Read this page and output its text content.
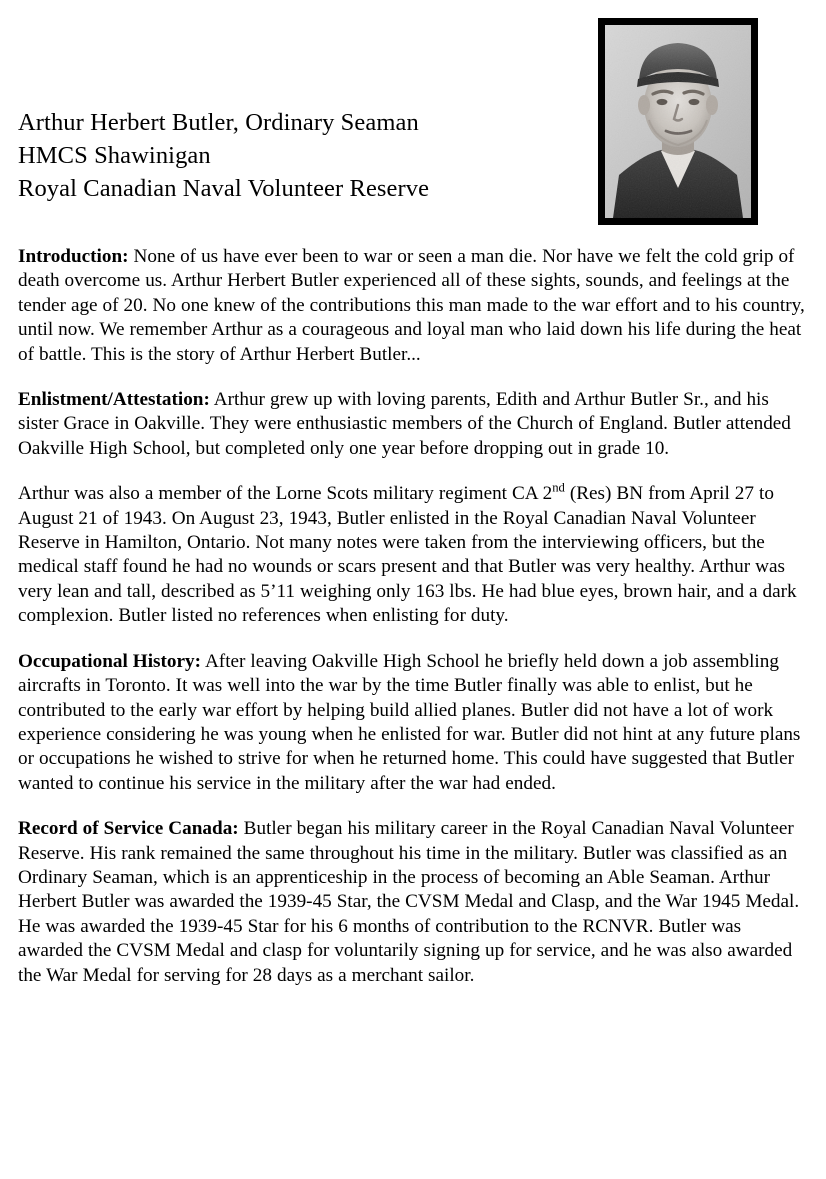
Arthur Herbert Butler, Ordinary Seaman
HMCS Shawinigan
Royal Canadian Naval Volunteer Reserve

Introduction: None of us have ever been to war or seen a man die. Nor have we felt the cold grip of death overcome us. Arthur Herbert Butler experienced all of these sights, sounds, and feelings at the tender age of 20. No one knew of the contributions this man made to the war effort and to his country, until now. We remember Arthur as a courageous and loyal man who laid down his life during the heat of battle. This is the story of Arthur Herbert Butler...

Enlistment/Attestation: Arthur grew up with loving parents, Edith and Arthur Butler Sr., and his sister Grace in Oakville. They were enthusiastic members of the Church of England. Butler attended Oakville High School, but completed only one year before dropping out in grade 10.

Arthur was also a member of the Lorne Scots military regiment CA 2nd (Res) BN from April 27 to August 21 of 1943. On August 23, 1943, Butler enlisted in the Royal Canadian Naval Volunteer Reserve in Hamilton, Ontario. Not many notes were taken from the interviewing officers, but the medical staff found he had no wounds or scars present and that Butler was very healthy. Arthur was very lean and tall, described as 5’11 weighing only 163 lbs. He had blue eyes, brown hair, and a dark complexion. Butler listed no references when enlisting for duty.

Occupational History: After leaving Oakville High School he briefly held down a job assembling aircrafts in Toronto. It was well into the war by the time Butler finally was able to enlist, but he contributed to the early war effort by helping build allied planes. Butler did not have a lot of work experience considering he was young when he enlisted for war. Butler did not hint at any future plans or occupations he wished to strive for when he returned home. This could have suggested that Butler wanted to continue his service in the military after the war had ended.

Record of Service Canada: Butler began his military career in the Royal Canadian Naval Volunteer Reserve. His rank remained the same throughout his time in the military. Butler was classified as an Ordinary Seaman, which is an apprenticeship in the process of becoming an Able Seaman. Arthur Herbert Butler was awarded the 1939-45 Star, the CVSM Medal and Clasp, and the War 1945 Medal. He was awarded the 1939-45 Star for his 6 months of contribution to the RCNVR. Butler was awarded the CVSM Medal and clasp for voluntarily signing up for service, and he was also awarded the War Medal for serving for 28 days as a merchant sailor.
